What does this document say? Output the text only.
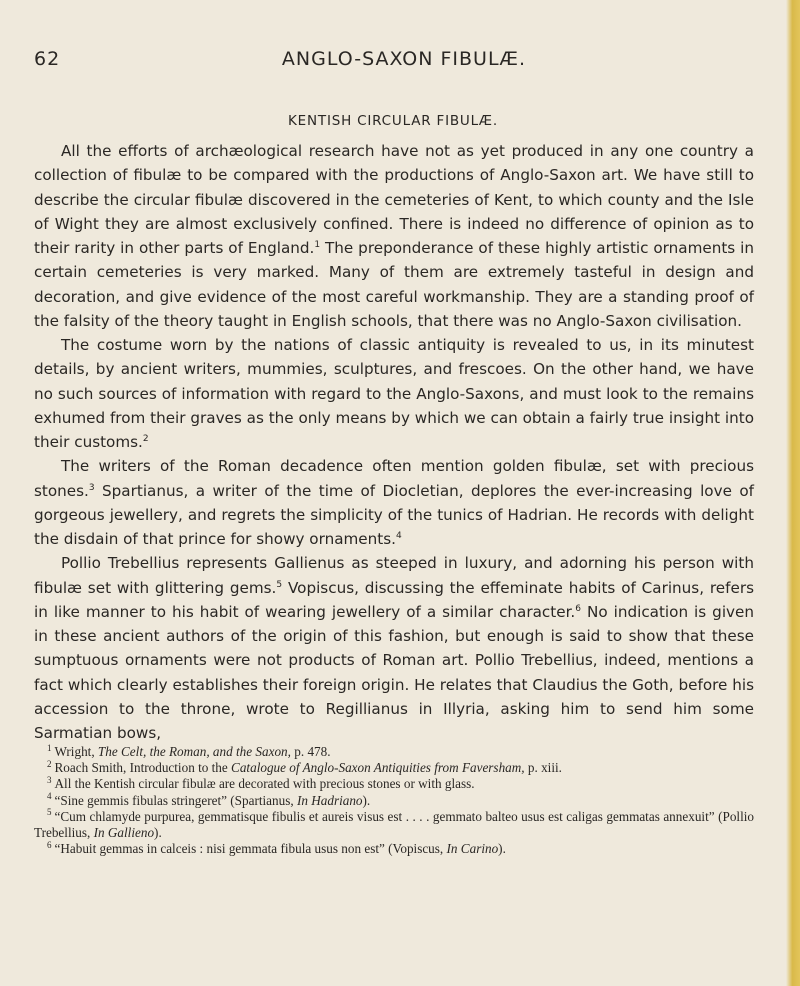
62	ANGLO-SAXON FIBULÆ.
KENTISH CIRCULAR FIBULÆ.

All the efforts of archæological research have not as yet produced in any one country a collection of fibulæ to be compared with the productions of Anglo-Saxon art. We have still to describe the circular fibulæ discovered in the cemeteries of Kent, to which county and the Isle of Wight they are almost exclusively confined. There is indeed no difference of opinion as to their rarity in other parts of England.$^1$ The preponderance of these highly artistic ornaments in certain cemeteries is very marked. Many of them are extremely tasteful in design and decoration, and give evidence of the most careful workmanship. They are a standing proof of the falsity of the theory taught in English schools, that there was no Anglo-Saxon civilisation.

The costume worn by the nations of classic antiquity is revealed to us, in its minutest details, by ancient writers, mummies, sculptures, and frescoes. On the other hand, we have no such sources of information with regard to the Anglo-Saxons, and must look to the remains exhumed from their graves as the only means by which we can obtain a fairly true insight into their customs.$^2$

The writers of the Roman decadence often mention golden fibulæ, set with precious stones.$^3$ Spartianus, a writer of the time of Diocletian, deplores the ever-increasing love of gorgeous jewellery, and regrets the simplicity of the tunics of Hadrian. He records with delight the disdain of that prince for showy ornaments.$^4$

Pollio Trebellius represents Gallienus as steeped in luxury, and adorning his person with fibulæ set with glittering gems.$^5$ Vopiscus, discussing the effeminate habits of Carinus, refers in like manner to his habit of wearing jewellery of a similar character.$^6$ No indication is given in these ancient authors of the origin of this fashion, but enough is said to show that these sumptuous ornaments were not products of Roman art. Pollio Trebellius, indeed, mentions a fact which clearly establishes their foreign origin. He relates that Claudius the Goth, before his accession to the throne, wrote to Regillianus in Illyria, asking him to send him some Sarmatian bows,

$^1$ Wright, The Celt, the Roman, and the Saxon, p. 478.

$^2$ Roach Smith, Introduction to the Catalogue of Anglo-Saxon Antiquities from Faversham, p. xiii.

$^3$ All the Kentish circular fibulæ are decorated with precious stones or with glass.

$^4$ “Sine gemmis fibulas stringeret” (Spartianus, In Hadriano).

$^5$ “Cum chlamyde purpurea, gemmatisque fibulis et aureis visus est . . . . gemmato balteo usus est caligas gemmatas annexuit” (Pollio Trebellius, In Gallieno).

$^6$ “Habuit gemmas in calceis : nisi gemmata fibula usus non est” (Vopiscus, In Carino).
